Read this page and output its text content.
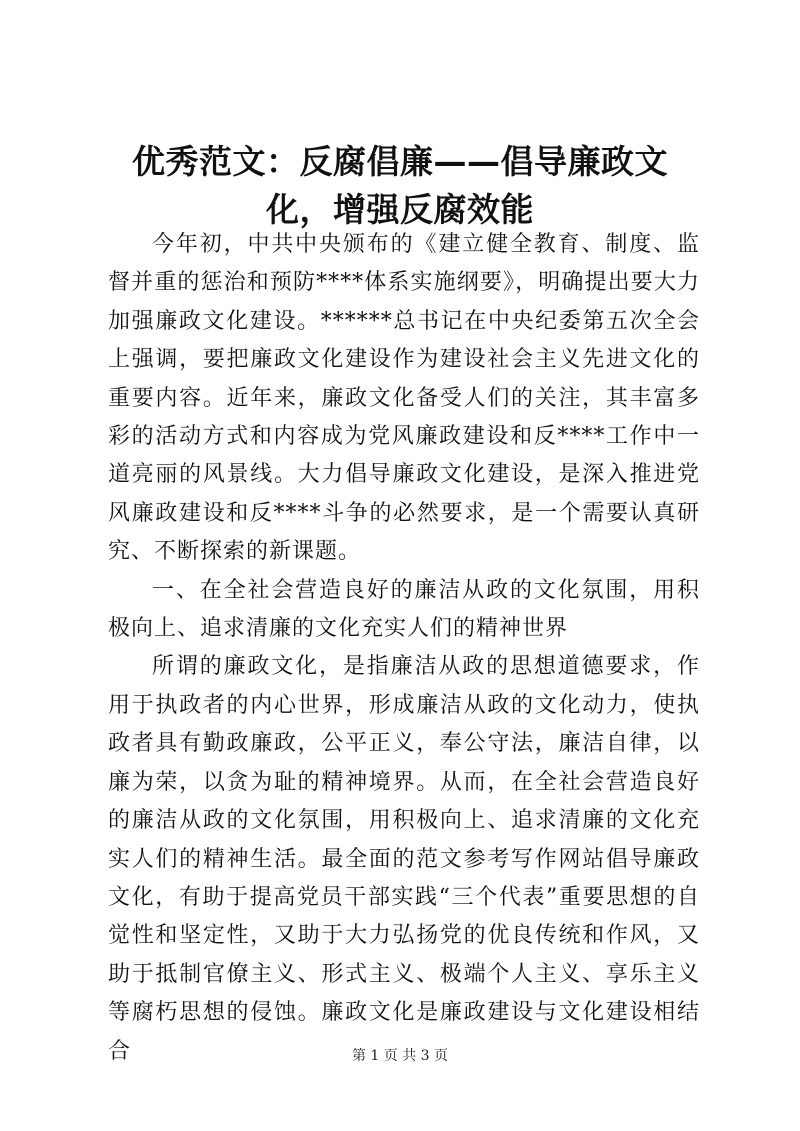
优秀范文：反腐倡廉——倡导廉政文化，增强反腐效能

今年初，中共中央颁布的《建立健全教育、制度、监督并重的惩治和预防****体系实施纲要》，明确提出要大力加强廉政文化建设。******总书记在中央纪委第五次全会上强调，要把廉政文化建设作为建设社会主义先进文化的重要内容。近年来，廉政文化备受人们的关注，其丰富多彩的活动方式和内容成为党风廉政建设和反****工作中一道亮丽的风景线。大力倡导廉政文化建设，是深入推进党风廉政建设和反****斗争的必然要求，是一个需要认真研究、不断探索的新课题。

一、在全社会营造良好的廉洁从政的文化氛围，用积极向上、追求清廉的文化充实人们的精神世界

所谓的廉政文化，是指廉洁从政的思想道德要求，作用于执政者的内心世界，形成廉洁从政的文化动力，使执政者具有勤政廉政，公平正义，奉公守法，廉洁自律，以廉为荣，以贪为耻的精神境界。从而，在全社会营造良好的廉洁从政的文化氛围，用积极向上、追求清廉的文化充实人们的精神生活。最全面的范文参考写作网站倡导廉政文化，有助于提高党员干部实践“三个代表”重要思想的自觉性和坚定性，又助于大力弘扬党的优良传统和作风，又助于抵制官僚主义、形式主义、极端个人主义、享乐主义等腐朽思想的侵蚀。廉政文化是廉政建设与文化建设相结合	第 1 页 共 3 页
